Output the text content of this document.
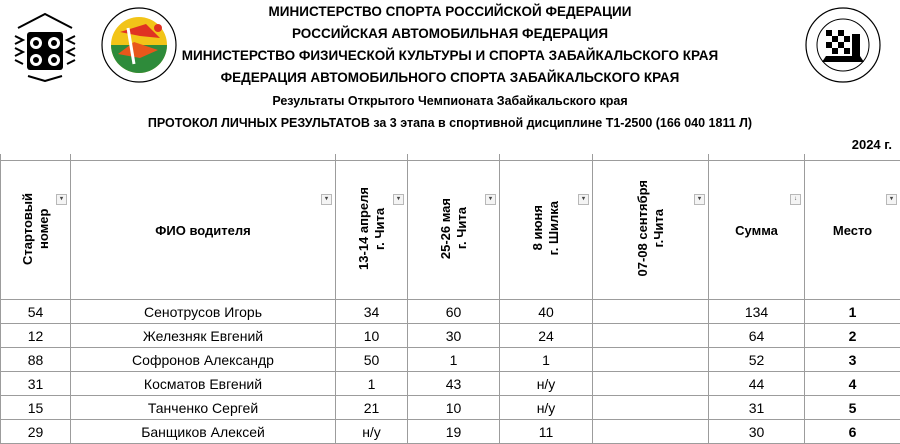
МИНИСТЕРСТВО СПОРТА РОССИЙСКОЙ ФЕДЕРАЦИИ
РОССИЙСКАЯ АВТОМОБИЛЬНАЯ ФЕДЕРАЦИЯ
МИНИСТЕРСТВО ФИЗИЧЕСКОЙ КУЛЬТУРЫ И СПОРТА ЗАБАЙКАЛЬСКОГО КРАЯ
ФЕДЕРАЦИЯ АВТОМОБИЛЬНОГО СПОРТА ЗАБАЙКАЛЬСКОГО КРАЯ
Результаты Открытого Чемпионата Забайкальского края
ПРОТОКОЛ ЛИЧНЫХ РЕЗУЛЬТАТОВ за 3 этапа в спортивной дисциплине Т1-2500 (166 040 1811 Л)
2024 г.

Стартовый
номер
▾	ФИО водителя
▾	13-14 апреля
г. Чита
▾	25-26 мая
г. Чита
▾	8 июня
г. Шилка
▾	07-08 сентября
г.Чита
▾	Сумма
↓	Место
▾

54	Сенотрусов Игорь	34	60	40		134	1
12	Железняк Евгений	10	30	24		64	2
88	Софронов Александр	50	1	1		52	3
31	Косматов Евгений	1	43	н/у		44	4
15	Танченко Сергей	21	10	н/у		31	5
29	Банщиков Алексей	н/у	19	11		30	6
